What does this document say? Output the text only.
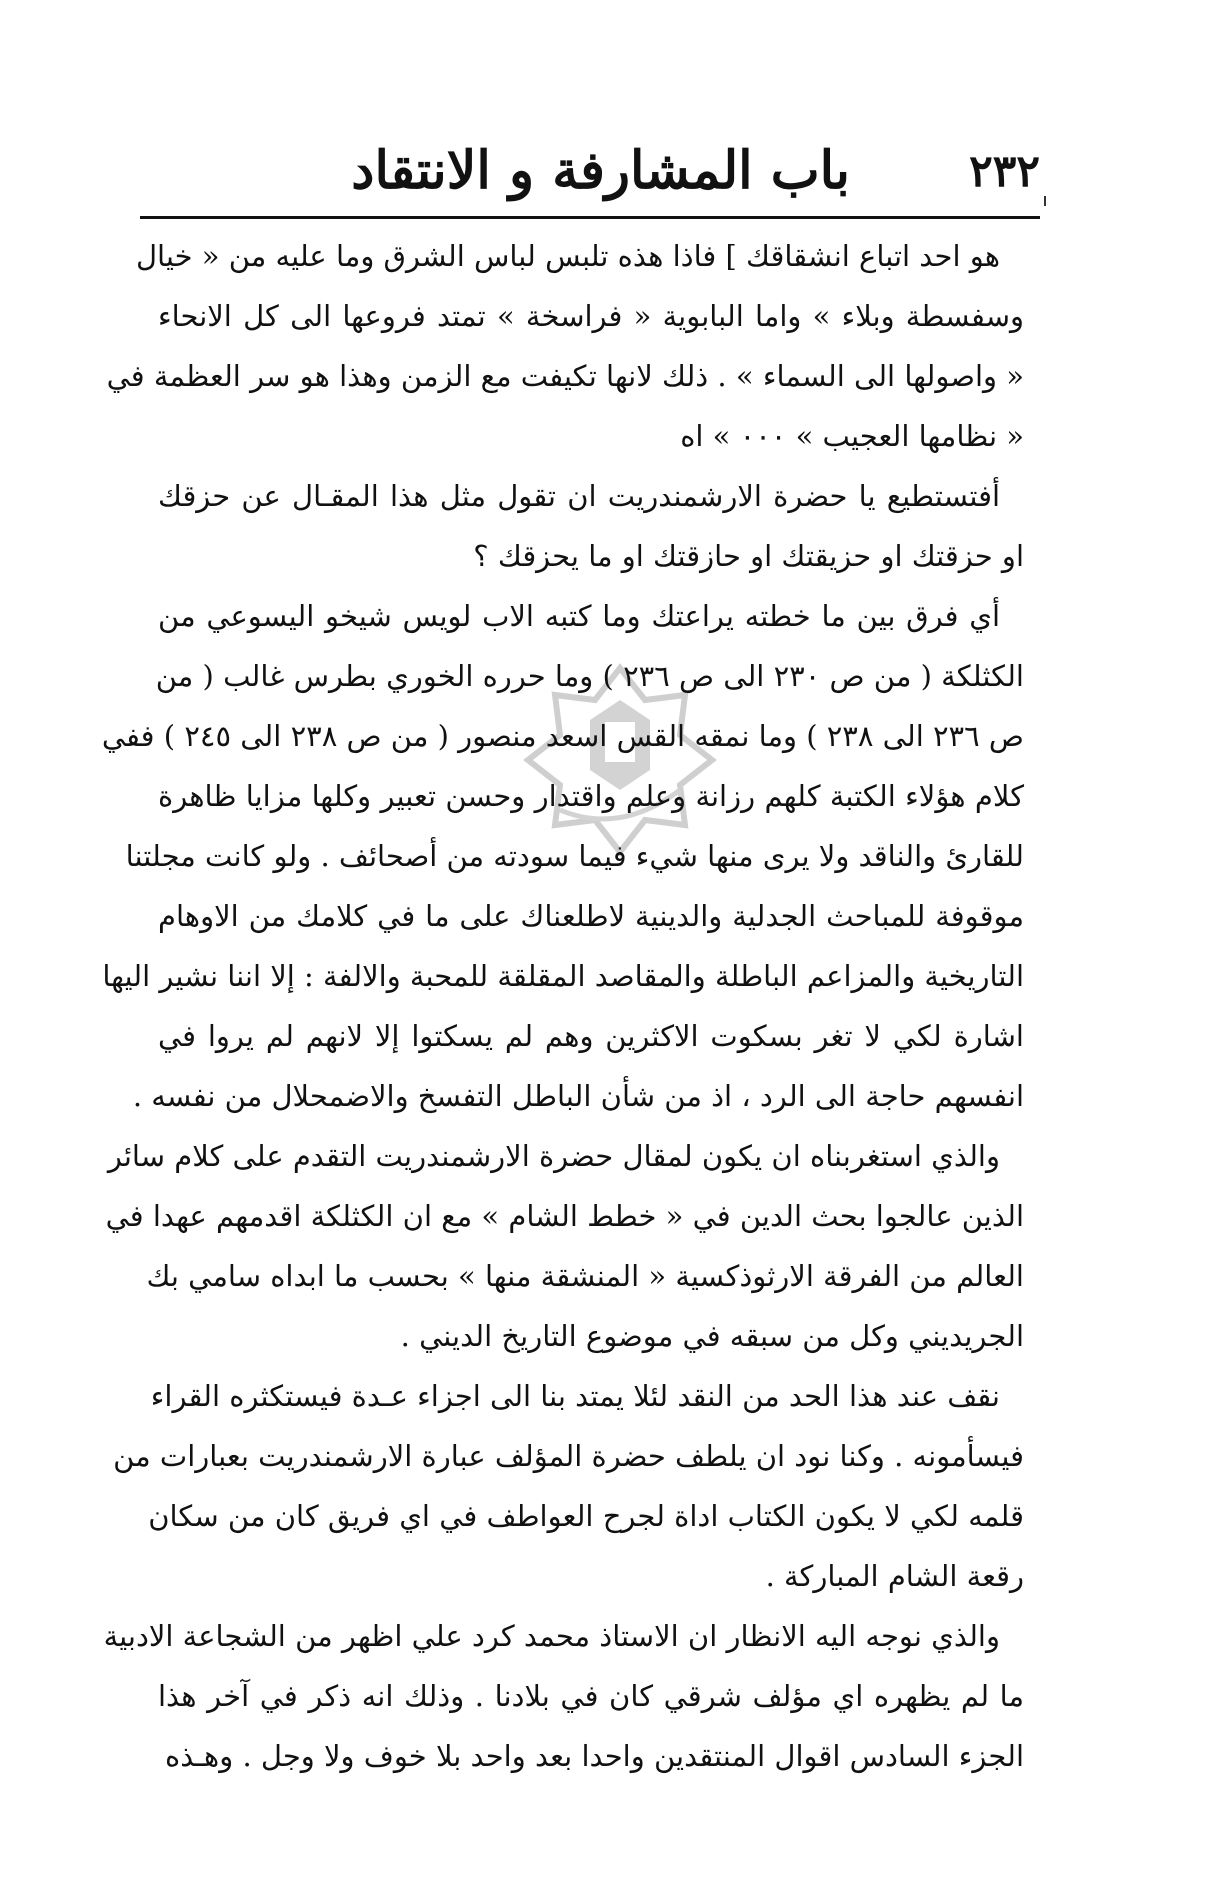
٢٣٢
باب المشارفة و الانتقاد
هو احد اتباع انشقاقك ] فاذا هذه تلبس لباس الشرق وما عليه من « خيال
وسفسطة وبلاء » واما البابوية « فراسخة » تمتد فروعها الى كل الانحاء
« واصولها الى السماء » . ذلك لانها تكيفت مع الزمن وهذا هو سر العظمة في
« نظامها العجيب » ٠٠٠ » اه
أفتستطيع يا حضرة الارشمندريت ان تقول مثل هذا المقـال عن حزقك
او حزقتك او حزيقتك او حازقتك او ما يحزقك ؟
أي فرق بين ما خطته يراعتك وما كتبه الاب لويس شيخو اليسوعي من
الكثلكة ( من ص ٢٣٠ الى ص ٢٣٦ ) وما حرره الخوري بطرس غالب ( من
ص ٢٣٦ الى ٢٣٨ ) وما نمقه القس اسعد منصور ( من ص ٢٣٨ الى ٢٤٥ ) ففي
كلام هؤلاء الكتبة كلهم رزانة وعلم واقتدار وحسن تعبير وكلها مزايا ظاهرة
للقارئ والناقد ولا يرى منها شيء فيما سودته من أصحائف . ولو كانت مجلتنا
موقوفة للمباحث الجدلية والدينية لاطلعناك على ما في كلامك من الاوهام
التاريخية والمزاعم الباطلة والمقاصد المقلقة للمحبة والالفة : إلا اننا نشير اليها
اشارة لكي لا تغر بسكوت الاكثرين وهم لم يسكتوا إلا لانهم لم يروا في
انفسهم حاجة الى الرد ، اذ من شأن الباطل التفسخ والاضمحلال من نفسه .
والذي استغربناه ان يكون لمقال حضرة الارشمندريت التقدم على كلام سائر
الذين عالجوا بحث الدين في « خطط الشام » مع ان الكثلكة اقدمهم عهدا في
العالم من الفرقة الارثوذكسية « المنشقة منها » بحسب ما ابداه سامي بك
الجريديني وكل من سبقه في موضوع التاريخ الديني .
نقف عند هذا الحد من النقد لئلا يمتد بنا الى اجزاء عـدة فيستكثره القراء
فيسأمونه . وكنا نود ان يلطف حضرة المؤلف عبارة الارشمندريت بعبارات من
قلمه لكي لا يكون الكتاب اداة لجرح العواطف في اي فريق كان من سكان
رقعة الشام المباركة .
والذي نوجه اليه الانظار ان الاستاذ محمد كرد علي اظهر من الشجاعة الادبية
ما لم يظهره اي مؤلف شرقي كان في بلادنا . وذلك انه ذكر في آخر هذا
الجزء السادس اقوال المنتقدين واحدا بعد واحد بلا خوف ولا وجل . وهـذه
